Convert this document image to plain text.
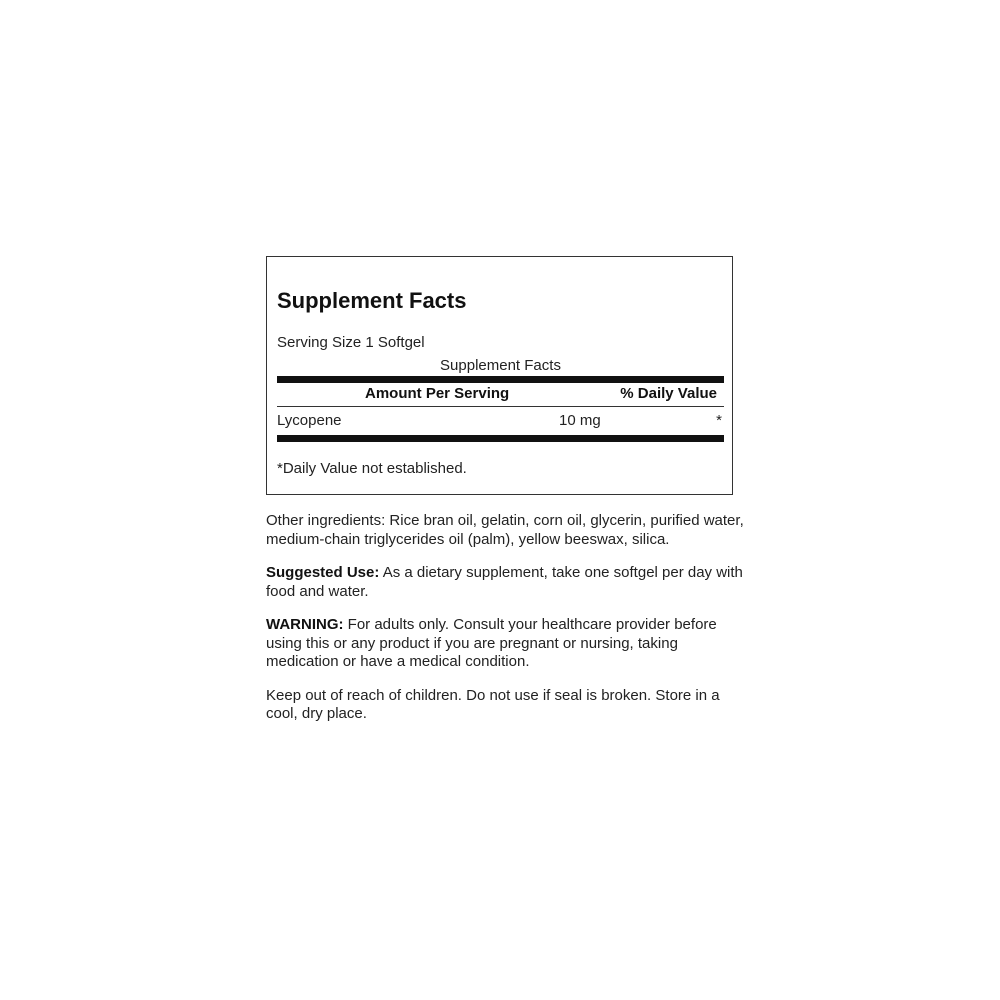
Supplement Facts
Serving Size 1 Softgel
Supplement Facts
Amount Per Serving	% Daily Value
Lycopene	10 mg	*
*Daily Value not established.

Other ingredients: Rice bran oil, gelatin, corn oil, glycerin, purified water, medium-chain triglycerides oil (palm), yellow beeswax, silica.

Suggested Use: As a dietary supplement, take one softgel per day with food and water.

WARNING: For adults only. Consult your healthcare provider before using this or any product if you are pregnant or nursing, taking medication or have a medical condition.

Keep out of reach of children. Do not use if seal is broken. Store in a cool, dry place.
